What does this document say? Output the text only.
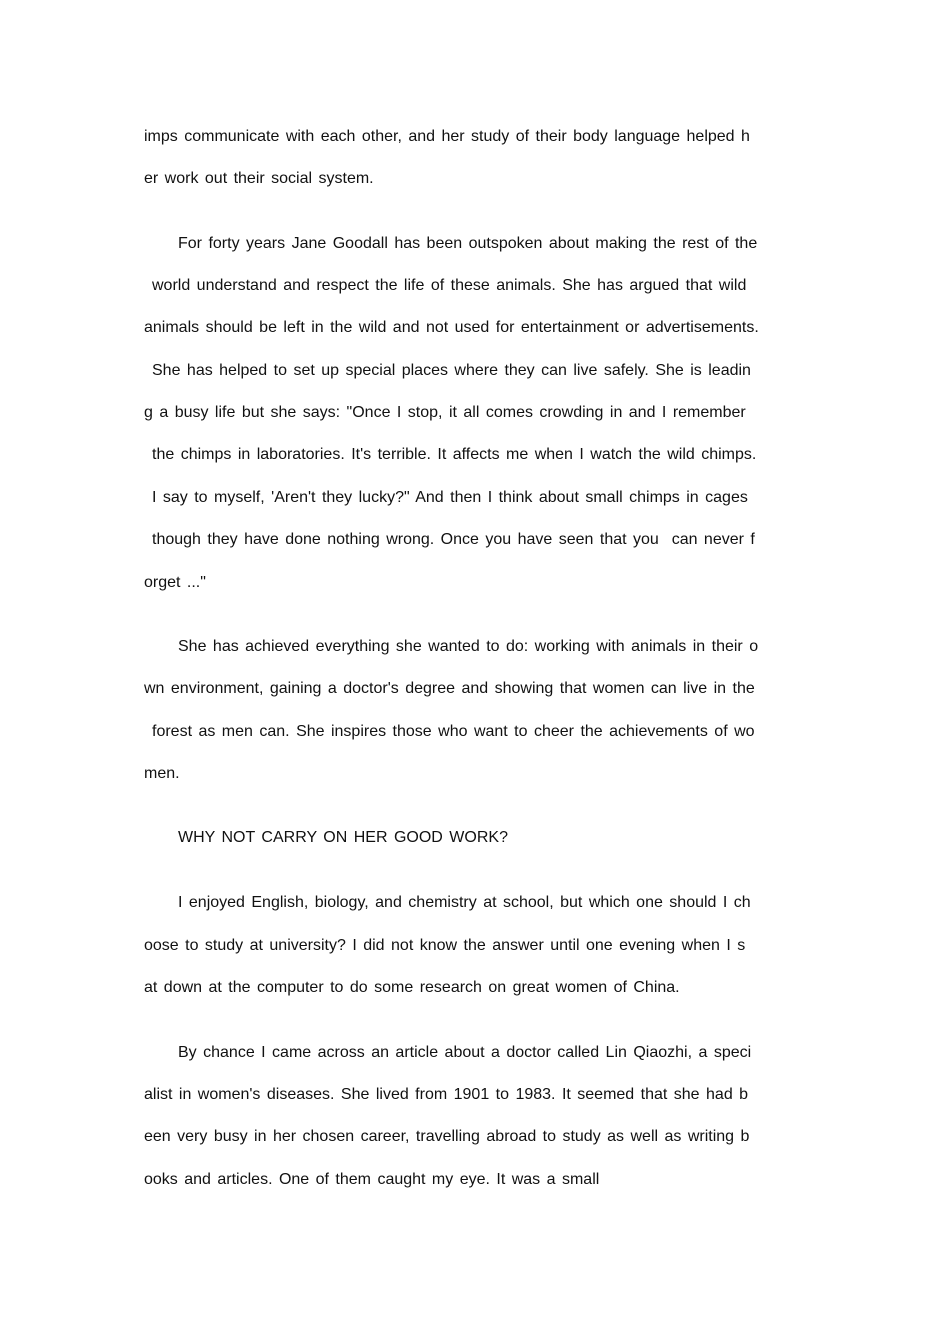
imps communicate with each other, and her study of their body language helped h

er work out their social system.

For forty years Jane Goodall has been outspoken about making the rest of the

world understand and respect the life of these animals. She has argued that wild

animals should be left in the wild and not used for entertainment or advertisements.

She has helped to set up special places where they can live safely. She is leadin

g a busy life but she says: "Once I stop, it all comes crowding in and I remember

the chimps in laboratories. It's terrible. It affects me when I watch the wild chimps.

I say to myself, 'Aren't they lucky?" And then I think about small chimps in cages

though they have done nothing wrong. Once you have seen that you  can never f

orget ..."

She has achieved everything she wanted to do: working with animals in their o

wn environment, gaining a doctor's degree and showing that women can live in the

forest as men can. She inspires those who want to cheer the achievements of wo

men.

WHY NOT CARRY ON HER GOOD WORK?

I enjoyed English, biology, and chemistry at school, but which one should I ch

oose to study at university? I did not know the answer until one evening when I s

at down at the computer to do some research on great women of China.

By chance I came across an article about a doctor called Lin Qiaozhi, a speci

alist in women's diseases. She lived from 1901 to 1983. It seemed that she had b

een very busy in her chosen career, travelling abroad to study as well as writing b

ooks and articles. One of them caught my eye. It was a small
